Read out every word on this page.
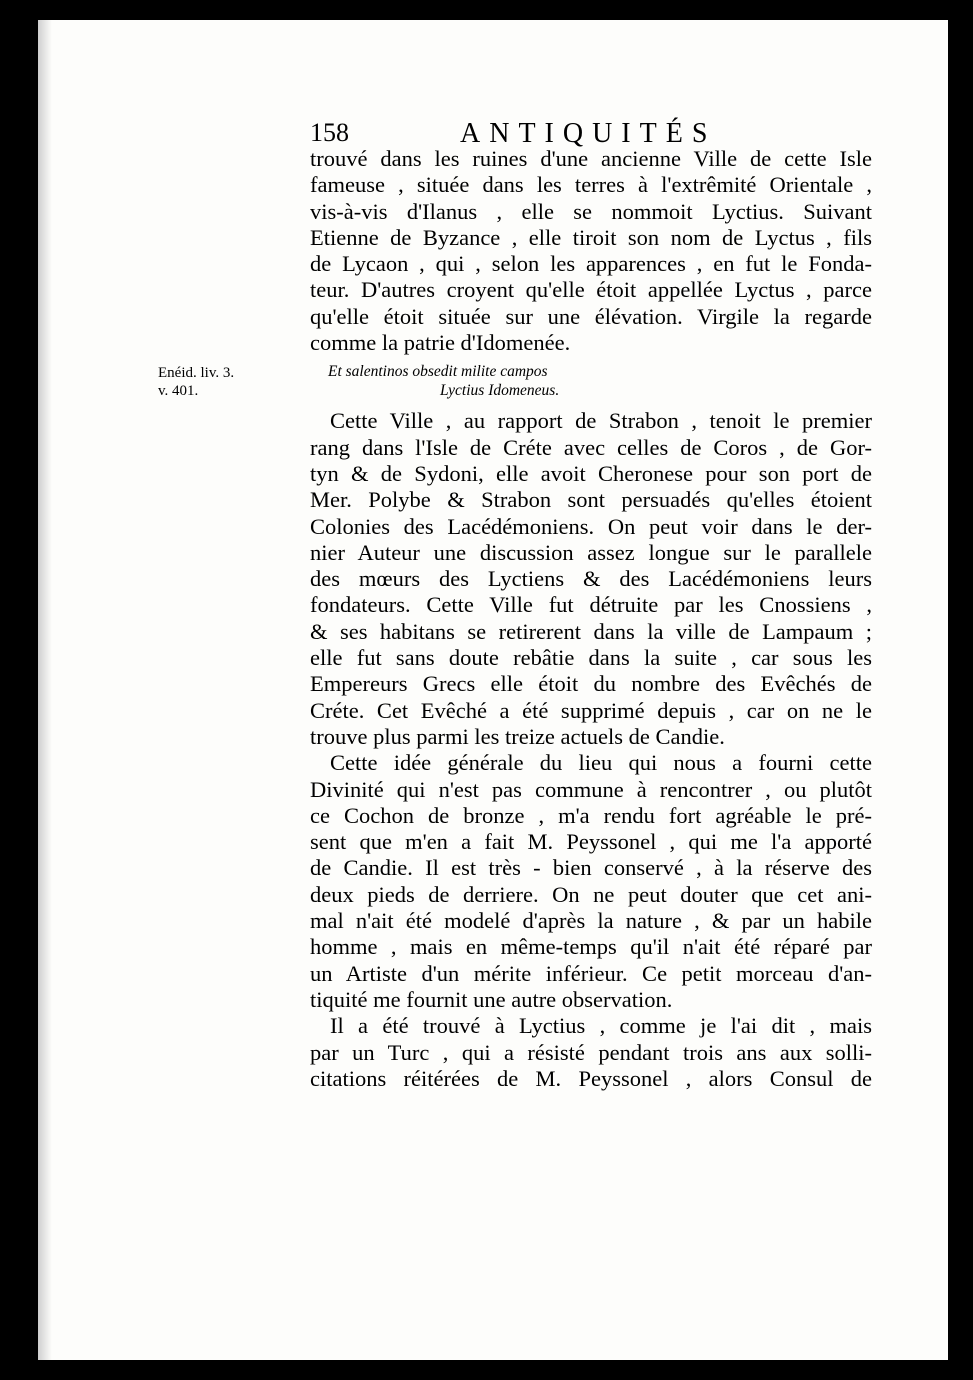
158	ANTIQUITÉS
Enéid. liv. 3.
v. 401.

trouvé dans les ruines d'une ancienne Ville de cette Isle
fameuse , située dans les terres à l'extrêmité Orientale ,
vis-à-vis d'Ilanus , elle se nommoit Lyctius. Suivant
Etienne de Byzance , elle tiroit son nom de Lyctus , fils
de Lycaon , qui , selon les apparences , en fut le Fonda-
teur. D'autres croyent qu'elle étoit appellée Lyctus , parce
qu'elle étoit située sur une élévation. Virgile la regarde
comme la patrie d'Idomenée.

Et salentinos obsedit milite campos
Lyctius Idomeneus.

Cette Ville , au rapport de Strabon , tenoit le premier
rang dans l'Isle de Créte avec celles de Coros , de Gor-
tyn & de Sydoni, elle avoit Cheronese pour son port de
Mer. Polybe & Strabon sont persuadés qu'elles étoient
Colonies des Lacédémoniens. On peut voir dans le der-
nier Auteur une discussion assez longue sur le parallele
des mœurs des Lyctiens & des Lacédémoniens leurs
fondateurs. Cette Ville fut détruite par les Cnossiens ,
& ses habitans se retirerent dans la ville de Lampaum ;
elle fut sans doute rebâtie dans la suite , car sous les
Empereurs Grecs elle étoit du nombre des Evêchés de
Créte. Cet Evêché a été supprimé depuis , car on ne le
trouve plus parmi les treize actuels de Candie.

Cette idée générale du lieu qui nous a fourni cette
Divinité qui n'est pas commune à rencontrer , ou plutôt
ce Cochon de bronze , m'a rendu fort agréable le pré-
sent que m'en a fait M. Peyssonel , qui me l'a apporté
de Candie. Il est très - bien conservé , à la réserve des
deux pieds de derriere. On ne peut douter que cet ani-
mal n'ait été modelé d'après la nature , & par un habile
homme , mais en même-temps qu'il n'ait été réparé par
un Artiste d'un mérite inférieur. Ce petit morceau d'an-
tiquité me fournit une autre observation.

Il a été trouvé à Lyctius , comme je l'ai dit , mais
par un Turc , qui a résisté pendant trois ans aux solli-
citations réitérées de M. Peyssonel , alors Consul de
